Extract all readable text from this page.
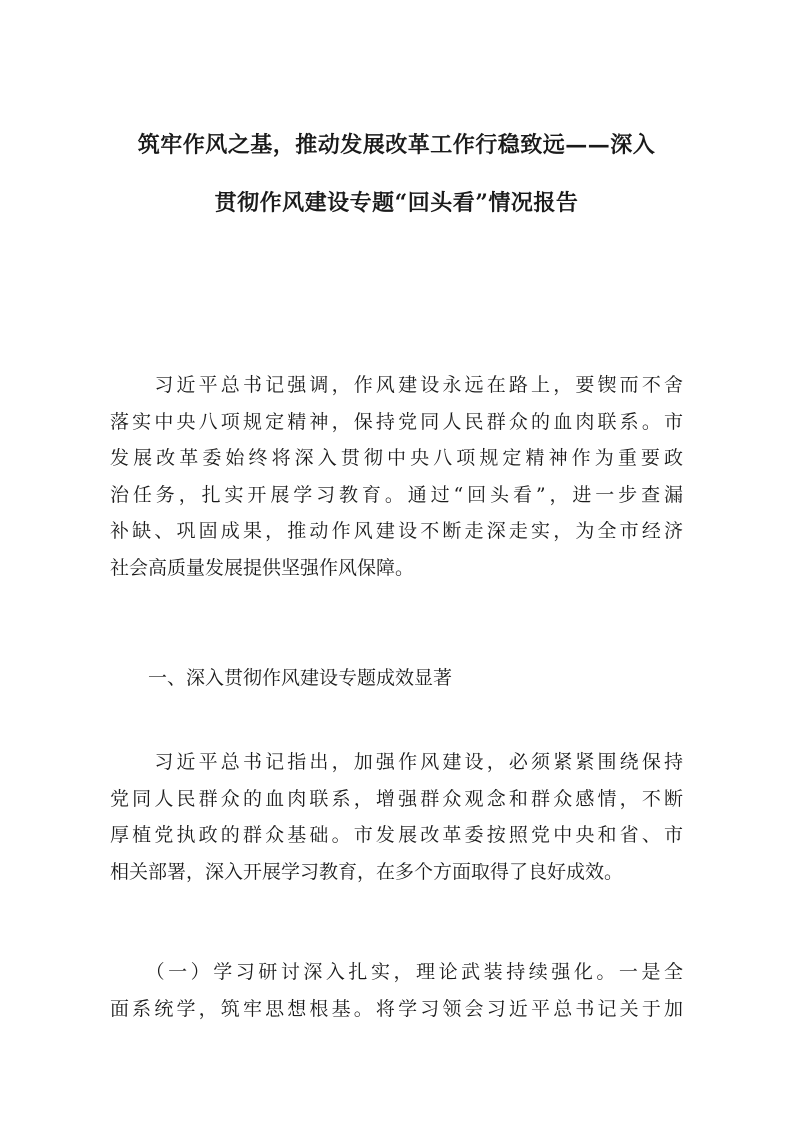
筑牢作风之基，推动发展改革工作行稳致远——深入
贯彻作风建设专题“回头看”情况报告
　　习近平总书记强调，作风建设永远在路上，要锲而不舍
落实中央八项规定精神，保持党同人民群众的血肉联系。市
发展改革委始终将深入贯彻中央八项规定精神作为重要政
治任务，扎实开展学习教育。通过“回头看”，进一步查漏
补缺、巩固成果，推动作风建设不断走深走实，为全市经济
社会高质量发展提供坚强作风保障。
　　一、深入贯彻作风建设专题成效显著
　　习近平总书记指出，加强作风建设，必须紧紧围绕保持
党同人民群众的血肉联系，增强群众观念和群众感情，不断
厚植党执政的群众基础。市发展改革委按照党中央和省、市
相关部署，深入开展学习教育，在多个方面取得了良好成效。
　　（一）学习研讨深入扎实，理论武装持续强化。一是全
面系统学，筑牢思想根基。将学习领会习近平总书记关于加
